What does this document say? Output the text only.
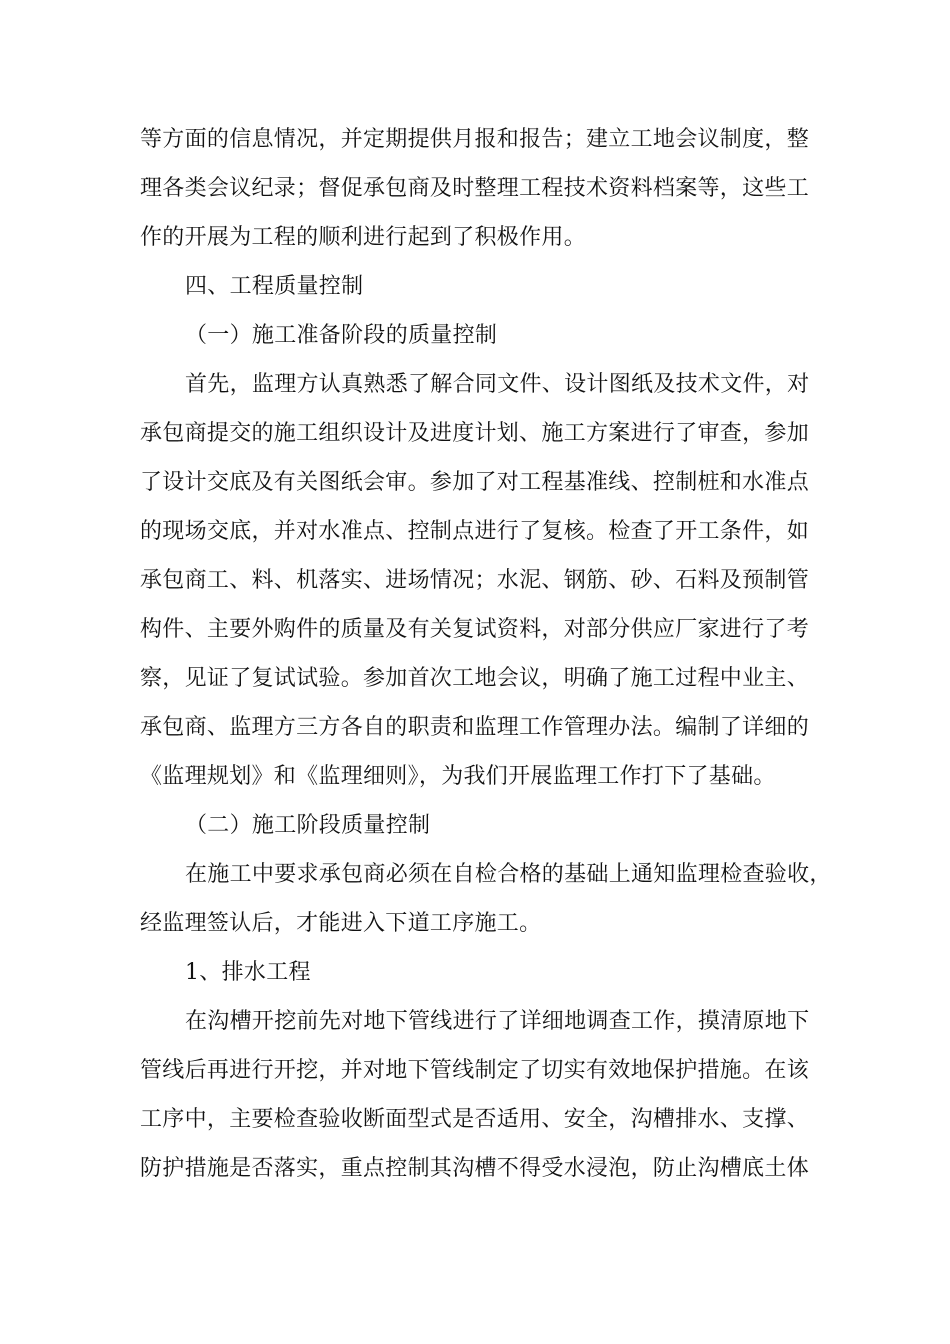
等方面的信息情况，并定期提供月报和报告；建立工地会议制度，整
理各类会议纪录；督促承包商及时整理工程技术资料档案等，这些工
作的开展为工程的顺利进行起到了积极作用。
四、工程质量控制
（一）施工准备阶段的质量控制
首先，监理方认真熟悉了解合同文件、设计图纸及技术文件，对
承包商提交的施工组织设计及进度计划、施工方案进行了审查，参加
了设计交底及有关图纸会审。参加了对工程基准线、控制桩和水准点
的现场交底，并对水准点、控制点进行了复核。检查了开工条件，如
承包商工、料、机落实、进场情况；水泥、钢筋、砂、石料及预制管
构件、主要外购件的质量及有关复试资料，对部分供应厂家进行了考
察，见证了复试试验。参加首次工地会议，明确了施工过程中业主、
承包商、监理方三方各自的职责和监理工作管理办法。编制了详细的
《监理规划》和《监理细则》，为我们开展监理工作打下了基础。
（二）施工阶段质量控制
在施工中要求承包商必须在自检合格的基础上通知监理检查验收，
经监理签认后，才能进入下道工序施工。
1、排水工程
在沟槽开挖前先对地下管线进行了详细地调查工作，摸清原地下
管线后再进行开挖，并对地下管线制定了切实有效地保护措施。在该
工序中，主要检查验收断面型式是否适用、安全，沟槽排水、支撑、
防护措施是否落实，重点控制其沟槽不得受水浸泡，防止沟槽底土体
